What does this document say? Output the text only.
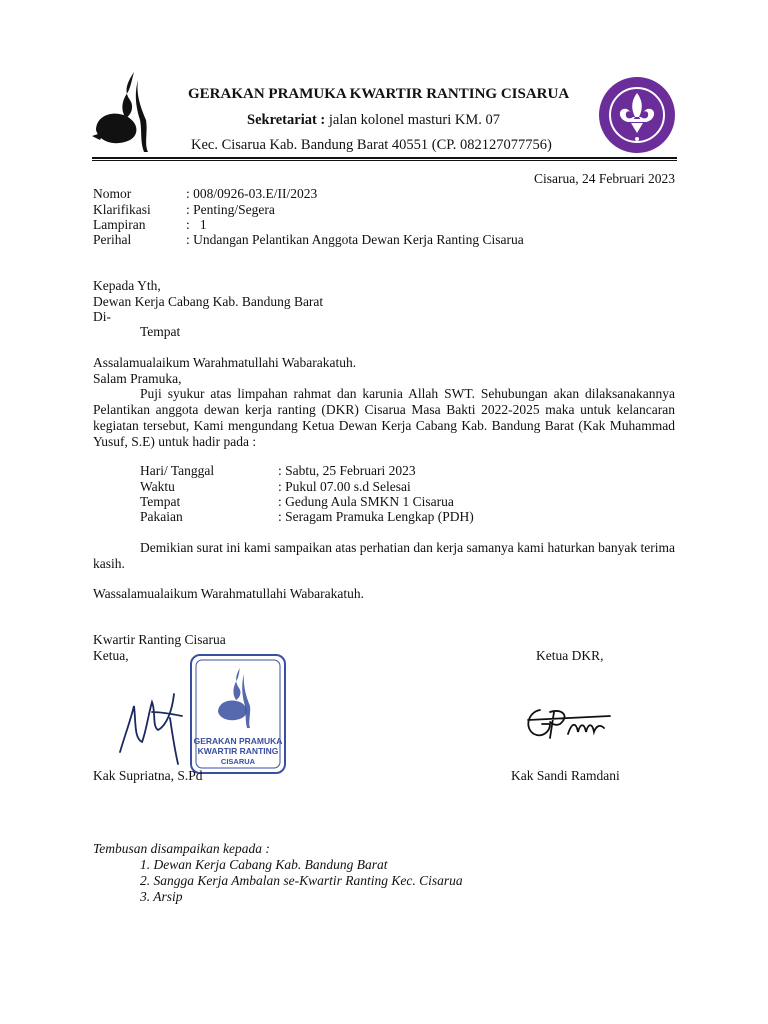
GERAKAN PRAMUKA KWARTIR RANTING CISARUA
Sekretariat : jalan kolonel masturi KM. 07
Kec. Cisarua Kab. Bandung Barat 40551 (CP. 082127077756)
Cisarua, 24 Februari 2023
Nomor	: 008/0926-03.E/II/2023
Klarifikasi	: Penting/Segera
Lampiran	:   1
Perihal	: Undangan Pelantikan Anggota Dewan Kerja Ranting Cisarua
Kepada Yth,
Dewan Kerja Cabang Kab. Bandung Barat
Di-
Tempat
Assalamualaikum Warahmatullahi Wabarakatuh.
Salam Pramuka,
Puji syukur atas limpahan rahmat dan karunia Allah SWT. Sehubungan akan dilaksanakannya Pelantikan anggota dewan kerja ranting (DKR) Cisarua Masa Bakti 2022-2025 maka untuk kelancaran kegiatan tersebut, Kami mengundang Ketua Dewan Kerja Cabang Kab. Bandung Barat (Kak Muhammad Yusuf, S.E) untuk hadir pada :
Hari/ Tanggal	: Sabtu, 25 Februari 2023
Waktu	: Pukul 07.00 s.d Selesai
Tempat	: Gedung Aula SMKN 1 Cisarua
Pakaian	: Seragam Pramuka Lengkap (PDH)
Demikian surat ini kami sampaikan atas perhatian dan kerja samanya kami haturkan banyak terima kasih.
Wassalamualaikum Warahmatullahi Wabarakatuh.
Kwartir Ranting Cisarua
Ketua,	Ketua DKR,
GERAKAN PRAMUKA
KWARTIR RANTING
CISARUA
Kak Supriatna, S.Pd	Kak Sandi Ramdani
Tembusan disampaikan kepada :
1. Dewan Kerja Cabang Kab. Bandung Barat
2. Sangga Kerja Ambalan se-Kwartir Ranting Kec. Cisarua
3. Arsip
